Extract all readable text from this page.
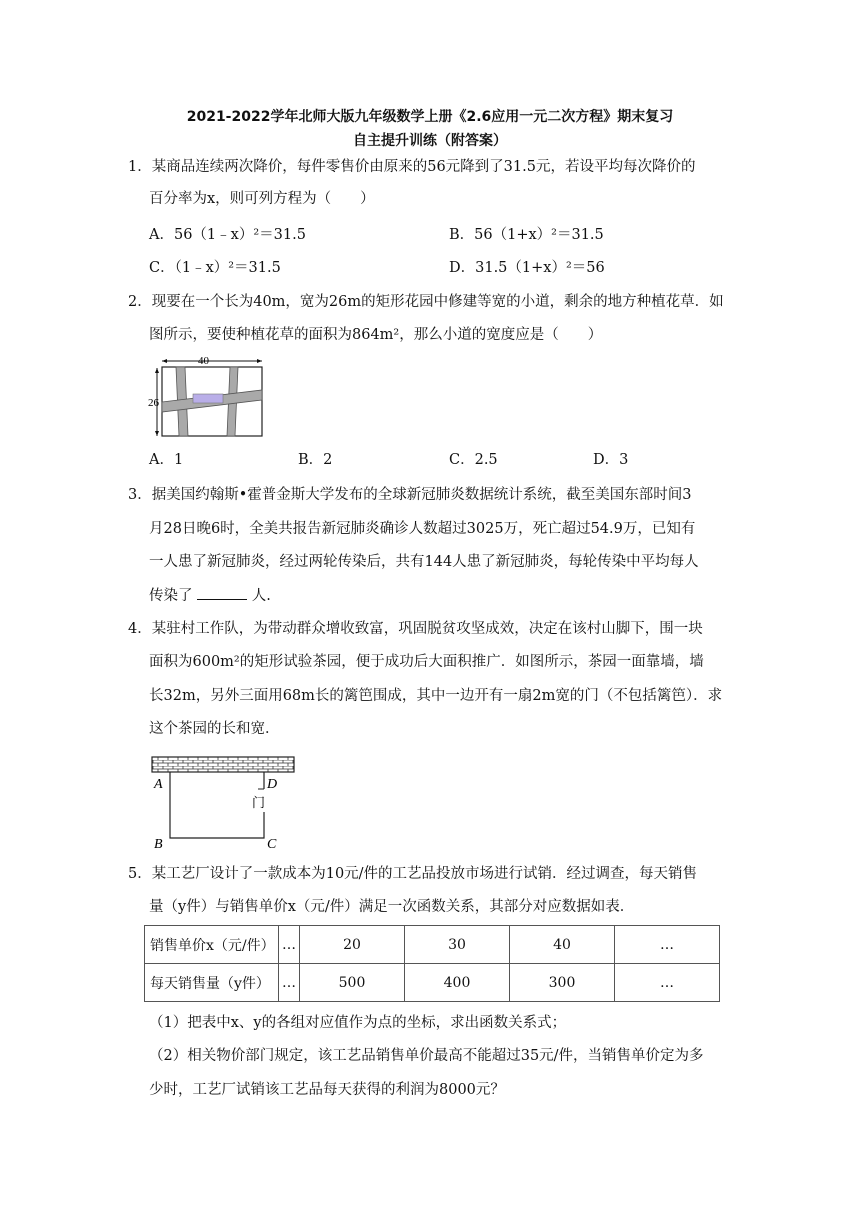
2021-2022学年北师大版九年级数学上册《2.6应用一元二次方程》期末复习
自主提升训练（附答案）
1．某商品连续两次降价，每件零售价由原来的56元降到了31.5元，若设平均每次降价的
百分率为x，则可列方程为（　　）
A．56（1﹣x）²＝31.5	B．56（1+x）²＝31.5
C．（1﹣x）²＝31.5	D．31.5（1+x）²＝56
2．现要在一个长为40m，宽为26m的矩形花园中修建等宽的小道，剩余的地方种植花草．如
图所示，要使种植花草的面积为864m²，那么小道的宽度应是（　　）
40
26
A．1	B．2	C．2.5	D．3
3．据美国约翰斯•霍普金斯大学发布的全球新冠肺炎数据统计系统，截至美国东部时间3
月28日晚6时，全美共报告新冠肺炎确诊人数超过3025万，死亡超过54.9万，已知有
一人患了新冠肺炎，经过两轮传染后，共有144人患了新冠肺炎，每轮传染中平均每人
传染了	人.
4．某驻村工作队，为带动群众增收致富，巩固脱贫攻坚成效，决定在该村山脚下，围一块
面积为600m²的矩形试验茶园，便于成功后大面积推广．如图所示，茶园一面靠墙，墙
长32m，另外三面用68m长的篱笆围成，其中一边开有一扇2m宽的门（不包括篱笆）．求
这个茶园的长和宽．
A	D
门
B	C
5．某工艺厂设计了一款成本为10元/件的工艺品投放市场进行试销．经过调查，每天销售
量（y件）与销售单价x（元/件）满足一次函数关系，其部分对应数据如表．
销售单价x（元/件）	…	20	30	40	…
每天销售量（y件）	…	500	400	300	…
（1）把表中x、y的各组对应值作为点的坐标，求出函数关系式；
（2）相关物价部门规定，该工艺品销售单价最高不能超过35元/件，当销售单价定为多
少时，工艺厂试销该工艺品每天获得的利润为8000元？
